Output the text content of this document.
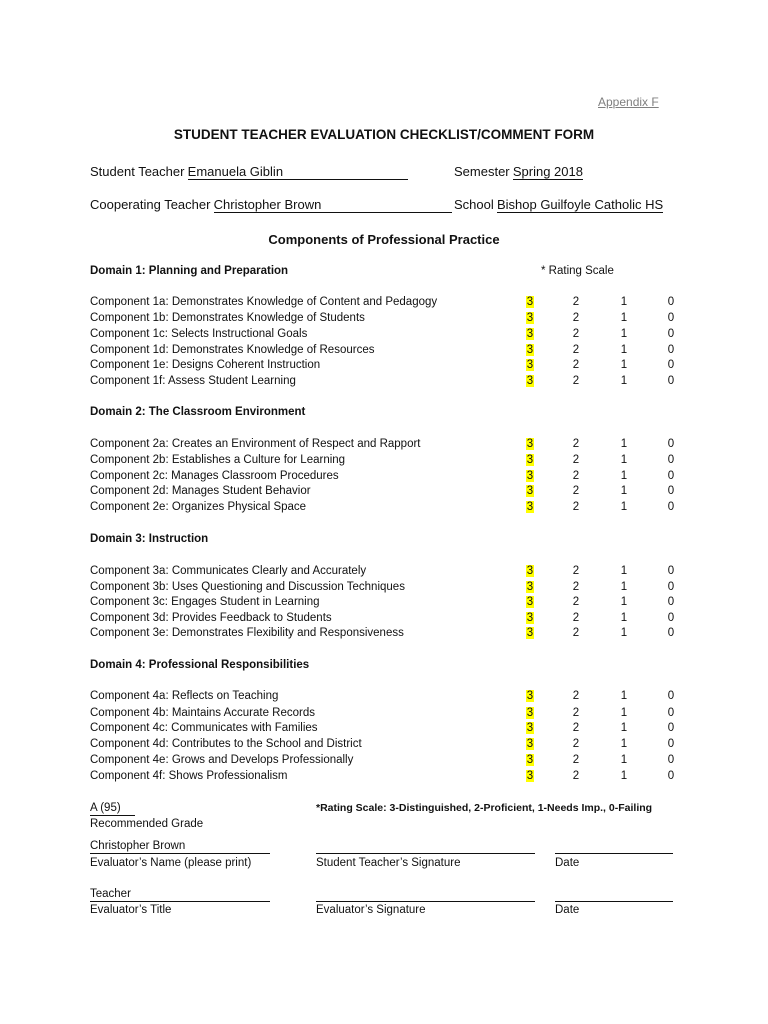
Appendix F
STUDENT TEACHER EVALUATION CHECKLIST/COMMENT FORM
Student Teacher Emanuela Giblin	Semester Spring 2018
Cooperating Teacher Christopher Brown	School Bishop Guilfoyle Catholic HS
Components of Professional Practice
* Rating Scale
Domain 1: Planning and Preparation
Component 1a: Demonstrates Knowledge of Content and Pedagogy	3	2	1	0
Component 1b: Demonstrates Knowledge of Students	3	2	1	0
Component 1c: Selects Instructional Goals	3	2	1	0
Component 1d: Demonstrates Knowledge of Resources	3	2	1	0
Component 1e: Designs Coherent Instruction	3	2	1	0
Component 1f: Assess Student Learning	3	2	1	0
Domain 2: The Classroom Environment
Component 2a: Creates an Environment of Respect and Rapport	3	2	1	0
Component 2b: Establishes a Culture for Learning	3	2	1	0
Component 2c: Manages Classroom Procedures	3	2	1	0
Component 2d: Manages Student Behavior	3	2	1	0
Component 2e: Organizes Physical Space	3	2	1	0
Domain 3: Instruction
Component 3a: Communicates Clearly and Accurately	3	2	1	0
Component 3b: Uses Questioning and Discussion Techniques	3	2	1	0
Component 3c: Engages Student in Learning	3	2	1	0
Component 3d: Provides Feedback to Students	3	2	1	0
Component 3e: Demonstrates Flexibility and Responsiveness	3	2	1	0
Domain 4: Professional Responsibilities
Component 4a: Reflects on Teaching	3	2	1	0
Component 4b: Maintains Accurate Records	3	2	1	0
Component 4c: Communicates with Families	3	2	1	0
Component 4d: Contributes to the School and District	3	2	1	0
Component 4e: Grows and Develops Professionally	3	2	1	0
Component 4f: Shows Professionalism	3	2	1	0
A (95)	*Rating Scale: 3-Distinguished, 2-Proficient, 1-Needs Imp., 0-Failing
Recommended Grade
Christopher Brown
Evaluator’s Name (please print)	Student Teacher’s Signature	Date
Teacher
Evaluator’s Title	Evaluator’s Signature	Date
